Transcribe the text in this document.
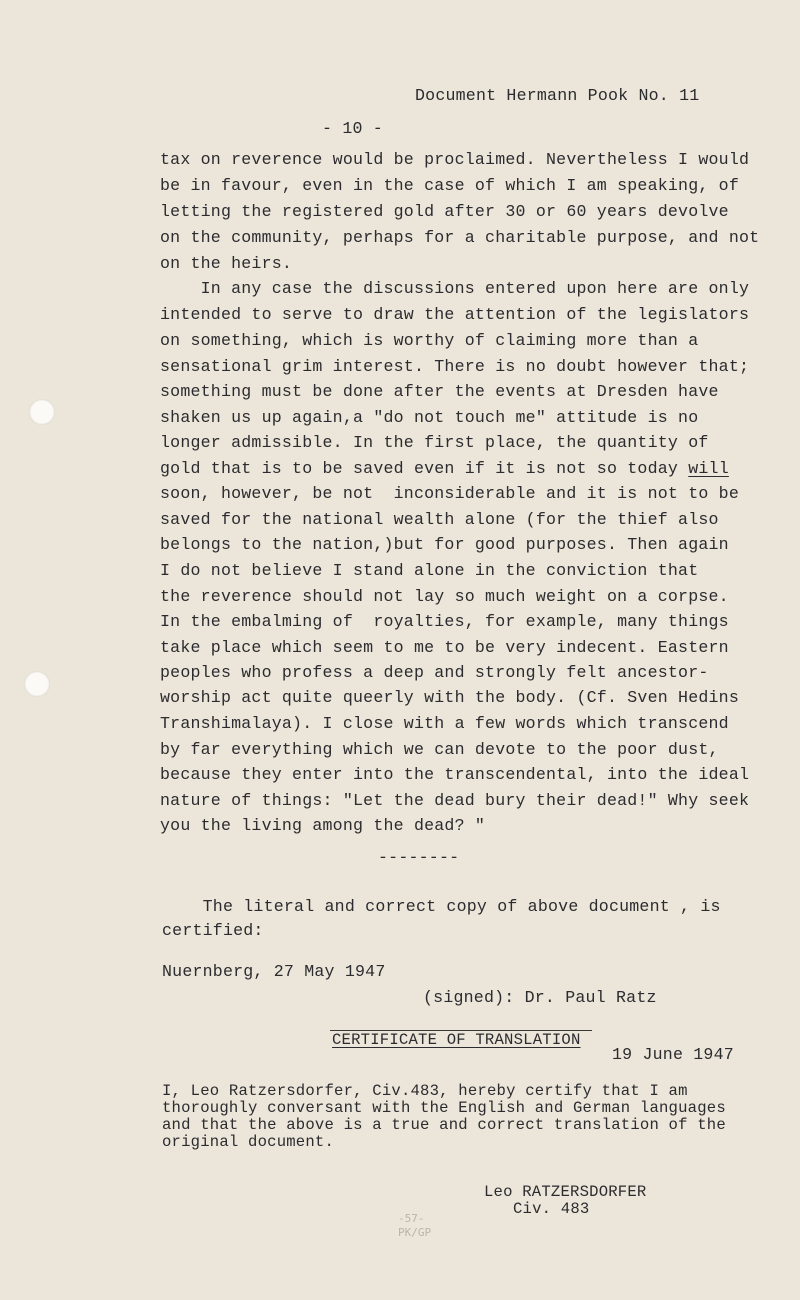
Document Hermann Pook No. 11
- 10 -
tax on reverence would be proclaimed. Nevertheless I would
be in favour, even in the case of which I am speaking, of
letting the registered gold after 30 or 60 years devolve
on the community, perhaps for a charitable purpose, and not
on the heirs.
In any case the discussions entered upon here are only
intended to serve to draw the attention of the legislators
on something, which is worthy of claiming more than a
sensational grim interest. There is no doubt however that;
something must be done after the events at Dresden have
shaken us up again,a "do not touch me" attitude is no
longer admissible. In the first place, the quantity of
gold that is to be saved even if it is not so today will
soon, however, be not  inconsiderable and it is not to be
saved for the national wealth alone (for the thief also
belongs to the nation,)but for good purposes. Then again
I do not believe I stand alone in the conviction that
the reverence should not lay so much weight on a corpse.
In the embalming of  royalties, for example, many things
take place which seem to me to be very indecent. Eastern
peoples who profess a deep and strongly felt ancestor-
worship act quite queerly with the body. (Cf. Sven Hedins
Transhimalaya). I close with a few words which transcend
by far everything which we can devote to the poor dust,
because they enter into the transcendental, into the ideal
nature of things: "Let the dead bury their dead!" Why seek
you the living among the dead? "
--------
The literal and correct copy of above document , is
certified:
Nuernberg, 27 May 1947
(signed): Dr. Paul Ratz
CERTIFICATE OF TRANSLATION
19 June 1947
I, Leo Ratzersdorfer, Civ.483, hereby certify that I am
thoroughly conversant with the English and German languages
and that the above is a true and correct translation of the
original document.
Leo RATZERSDORFER
Civ. 483
-57-
PK/GP
